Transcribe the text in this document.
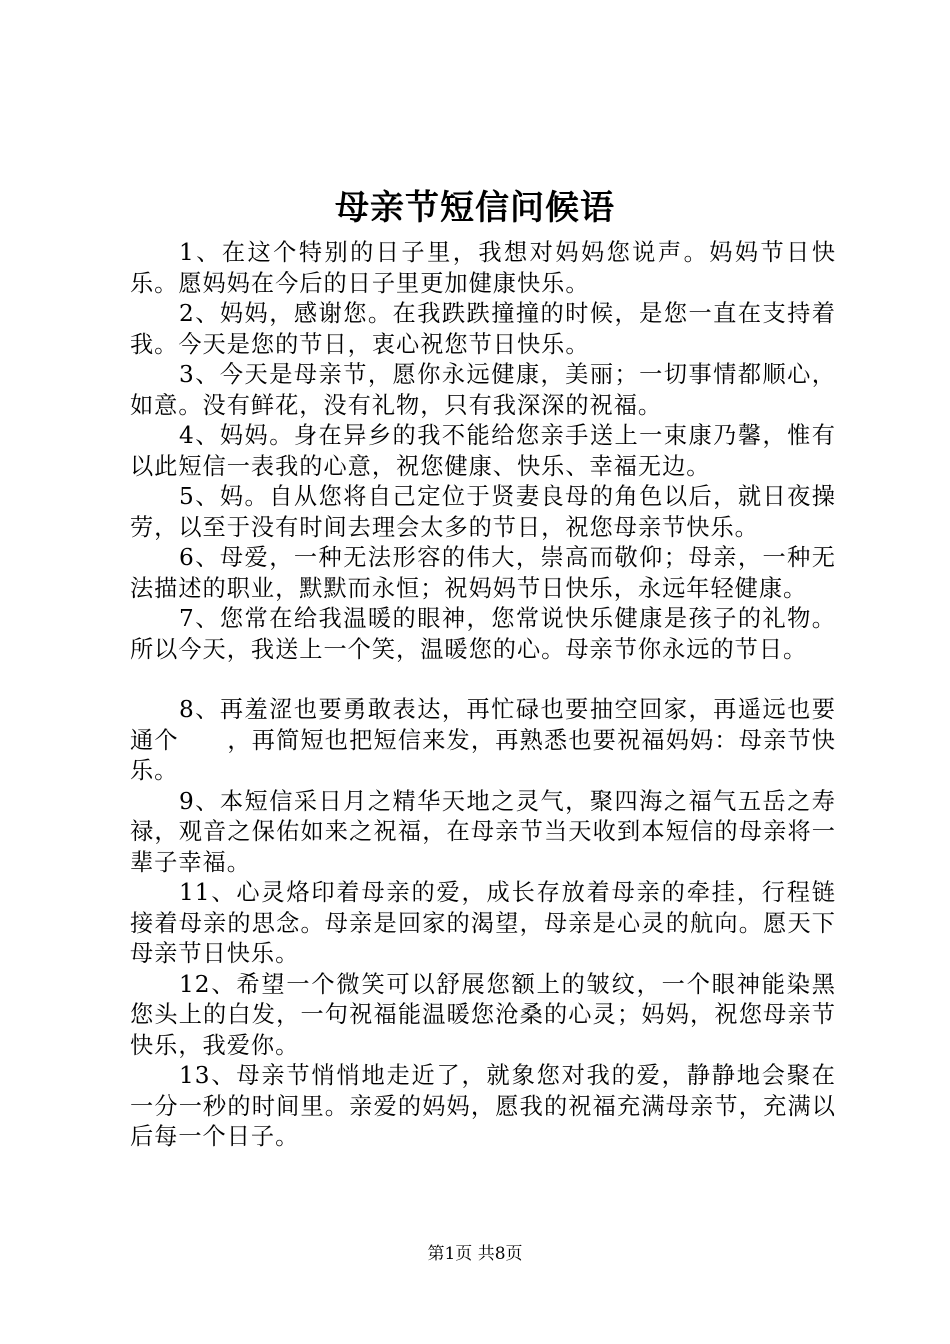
母亲节短信问候语

1、在这个特别的日子里，我想对妈妈您说声。妈妈节日快乐。愿妈妈在今后的日子里更加健康快乐。

2、妈妈，感谢您。在我跌跌撞撞的时候，是您一直在支持着我。今天是您的节日，衷心祝您节日快乐。

3、今天是母亲节，愿你永远健康，美丽；一切事情都顺心，如意。没有鲜花，没有礼物，只有我深深的祝福。

4、妈妈。身在异乡的我不能给您亲手送上一束康乃馨，惟有以此短信一表我的心意，祝您健康、快乐、幸福无边。

5、妈。自从您将自己定位于贤妻良母的角色以后，就日夜操劳，以至于没有时间去理会太多的节日，祝您母亲节快乐。

6、母爱，一种无法形容的伟大，崇高而敬仰；母亲，一种无法描述的职业，默默而永恒；祝妈妈节日快乐，永远年轻健康。

7、您常在给我温暖的眼神，您常说快乐健康是孩子的礼物。所以今天，我送上一个笑，温暖您的心。母亲节你永远的节日。

8、再羞涩也要勇敢表达，再忙碌也要抽空回家，再遥远也要通个　　，再简短也把短信来发，再熟悉也要祝福妈妈：母亲节快乐。

9、本短信采日月之精华天地之灵气，聚四海之福气五岳之寿禄，观音之保佑如来之祝福，在母亲节当天收到本短信的母亲将一辈子幸福。

11、心灵烙印着母亲的爱，成长存放着母亲的牵挂，行程链接着母亲的思念。母亲是回家的渴望，母亲是心灵的航向。愿天下母亲节日快乐。

12、希望一个微笑可以舒展您额上的皱纹，一个眼神能染黑您头上的白发，一句祝福能温暖您沧桑的心灵；妈妈，祝您母亲节快乐，我爱你。

13、母亲节悄悄地走近了，就象您对我的爱，静静地会聚在一分一秒的时间里。亲爱的妈妈，愿我的祝福充满母亲节，充满以后每一个日子。

第1页 共8页
